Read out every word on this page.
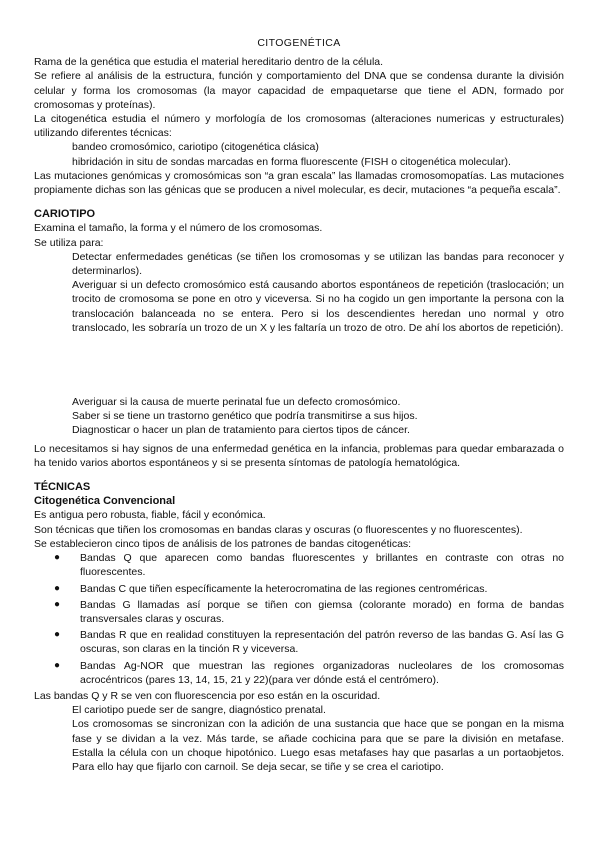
CITOGENÉTICA

Rama de la genética que estudia el material hereditario dentro de la célula.

Se refiere al análisis de la estructura, función y comportamiento del DNA que se condensa durante la división celular y forma los cromosomas (la mayor capacidad de empaquetarse que tiene el ADN, formado por cromosomas y proteínas).

La citogenética estudia el número y morfología de los cromosomas (alteraciones numericas y estructurales) utilizando diferentes técnicas:

bandeo cromosómico, cariotipo (citogenética clásica)

hibridación in situ de sondas marcadas en forma fluorescente (FISH o citogenética molecular).

Las mutaciones genómicas y cromosómicas son “a gran escala” las llamadas cromosomopatías. Las mutaciones propiamente dichas son las génicas que se producen a nivel molecular, es decir, mutaciones “a pequeña escala”.

CARIOTIPO

Examina el tamaño, la forma y el número de los cromosomas.

Se utiliza para:

Detectar enfermedades genéticas (se tiñen los cromosomas y se utilizan las bandas para reconocer y determinarlos).

Averiguar si un defecto cromosómico está causando abortos espontáneos de repetición (traslocación; un trocito de cromosoma se pone en otro y viceversa. Si no ha cogido un gen importante la persona con la translocación balanceada no se entera. Pero si los descendientes heredan uno normal y otro translocado, les sobraría un trozo de un X y les faltaría un trozo de otro. De ahí los abortos de repetición).

Averiguar si la causa de muerte perinatal fue un defecto cromosómico.

Saber si se tiene un trastorno genético que podría transmitirse a sus hijos.

Diagnosticar o hacer un plan de tratamiento para ciertos tipos de cáncer.

Lo necesitamos si hay signos de una enfermedad genética en la infancia, problemas para quedar embarazada o ha tenido varios abortos espontáneos y si se presenta síntomas de patología hematológica.

TÉCNICAS
Citogenética Convencional

Es antigua pero robusta, fiable, fácil y económica.

Son técnicas que tiñen los cromosomas en bandas claras y oscuras (o fluorescentes y no fluorescentes).

Se establecieron cinco tipos de análisis de los patrones de bandas citogenéticas:

● Bandas Q que aparecen como bandas fluorescentes y brillantes en contraste con otras no fluorescentes.
● Bandas C que tiñen específicamente la heterocromatina de las regiones centroméricas.
● Bandas G llamadas así porque se tiñen con giemsa (colorante morado) en forma de bandas transversales claras y oscuras.
● Bandas R que en realidad constituyen la representación del patrón reverso de las bandas G. Así las G oscuras, son claras en la tinción R y viceversa.
● Bandas Ag-NOR que muestran las regiones organizadoras nucleolares de los cromosomas acrocéntricos (pares 13, 14, 15, 21 y 22)(para ver dónde está el centrómero).

Las bandas Q y R se ven con fluorescencia por eso están en la oscuridad.

El cariotipo puede ser de sangre, diagnóstico prenatal.

Los cromosomas se sincronizan con la adición de una sustancia que hace que se pongan en la misma fase y se dividan a la vez. Más tarde, se añade cochicina para que se pare la división en metafase. Estalla la célula con un choque hipotónico. Luego esas metafases hay que pasarlas a un portaobjetos. Para ello hay que fijarlo con carnoil. Se deja secar, se tiñe y se crea el cariotipo.
